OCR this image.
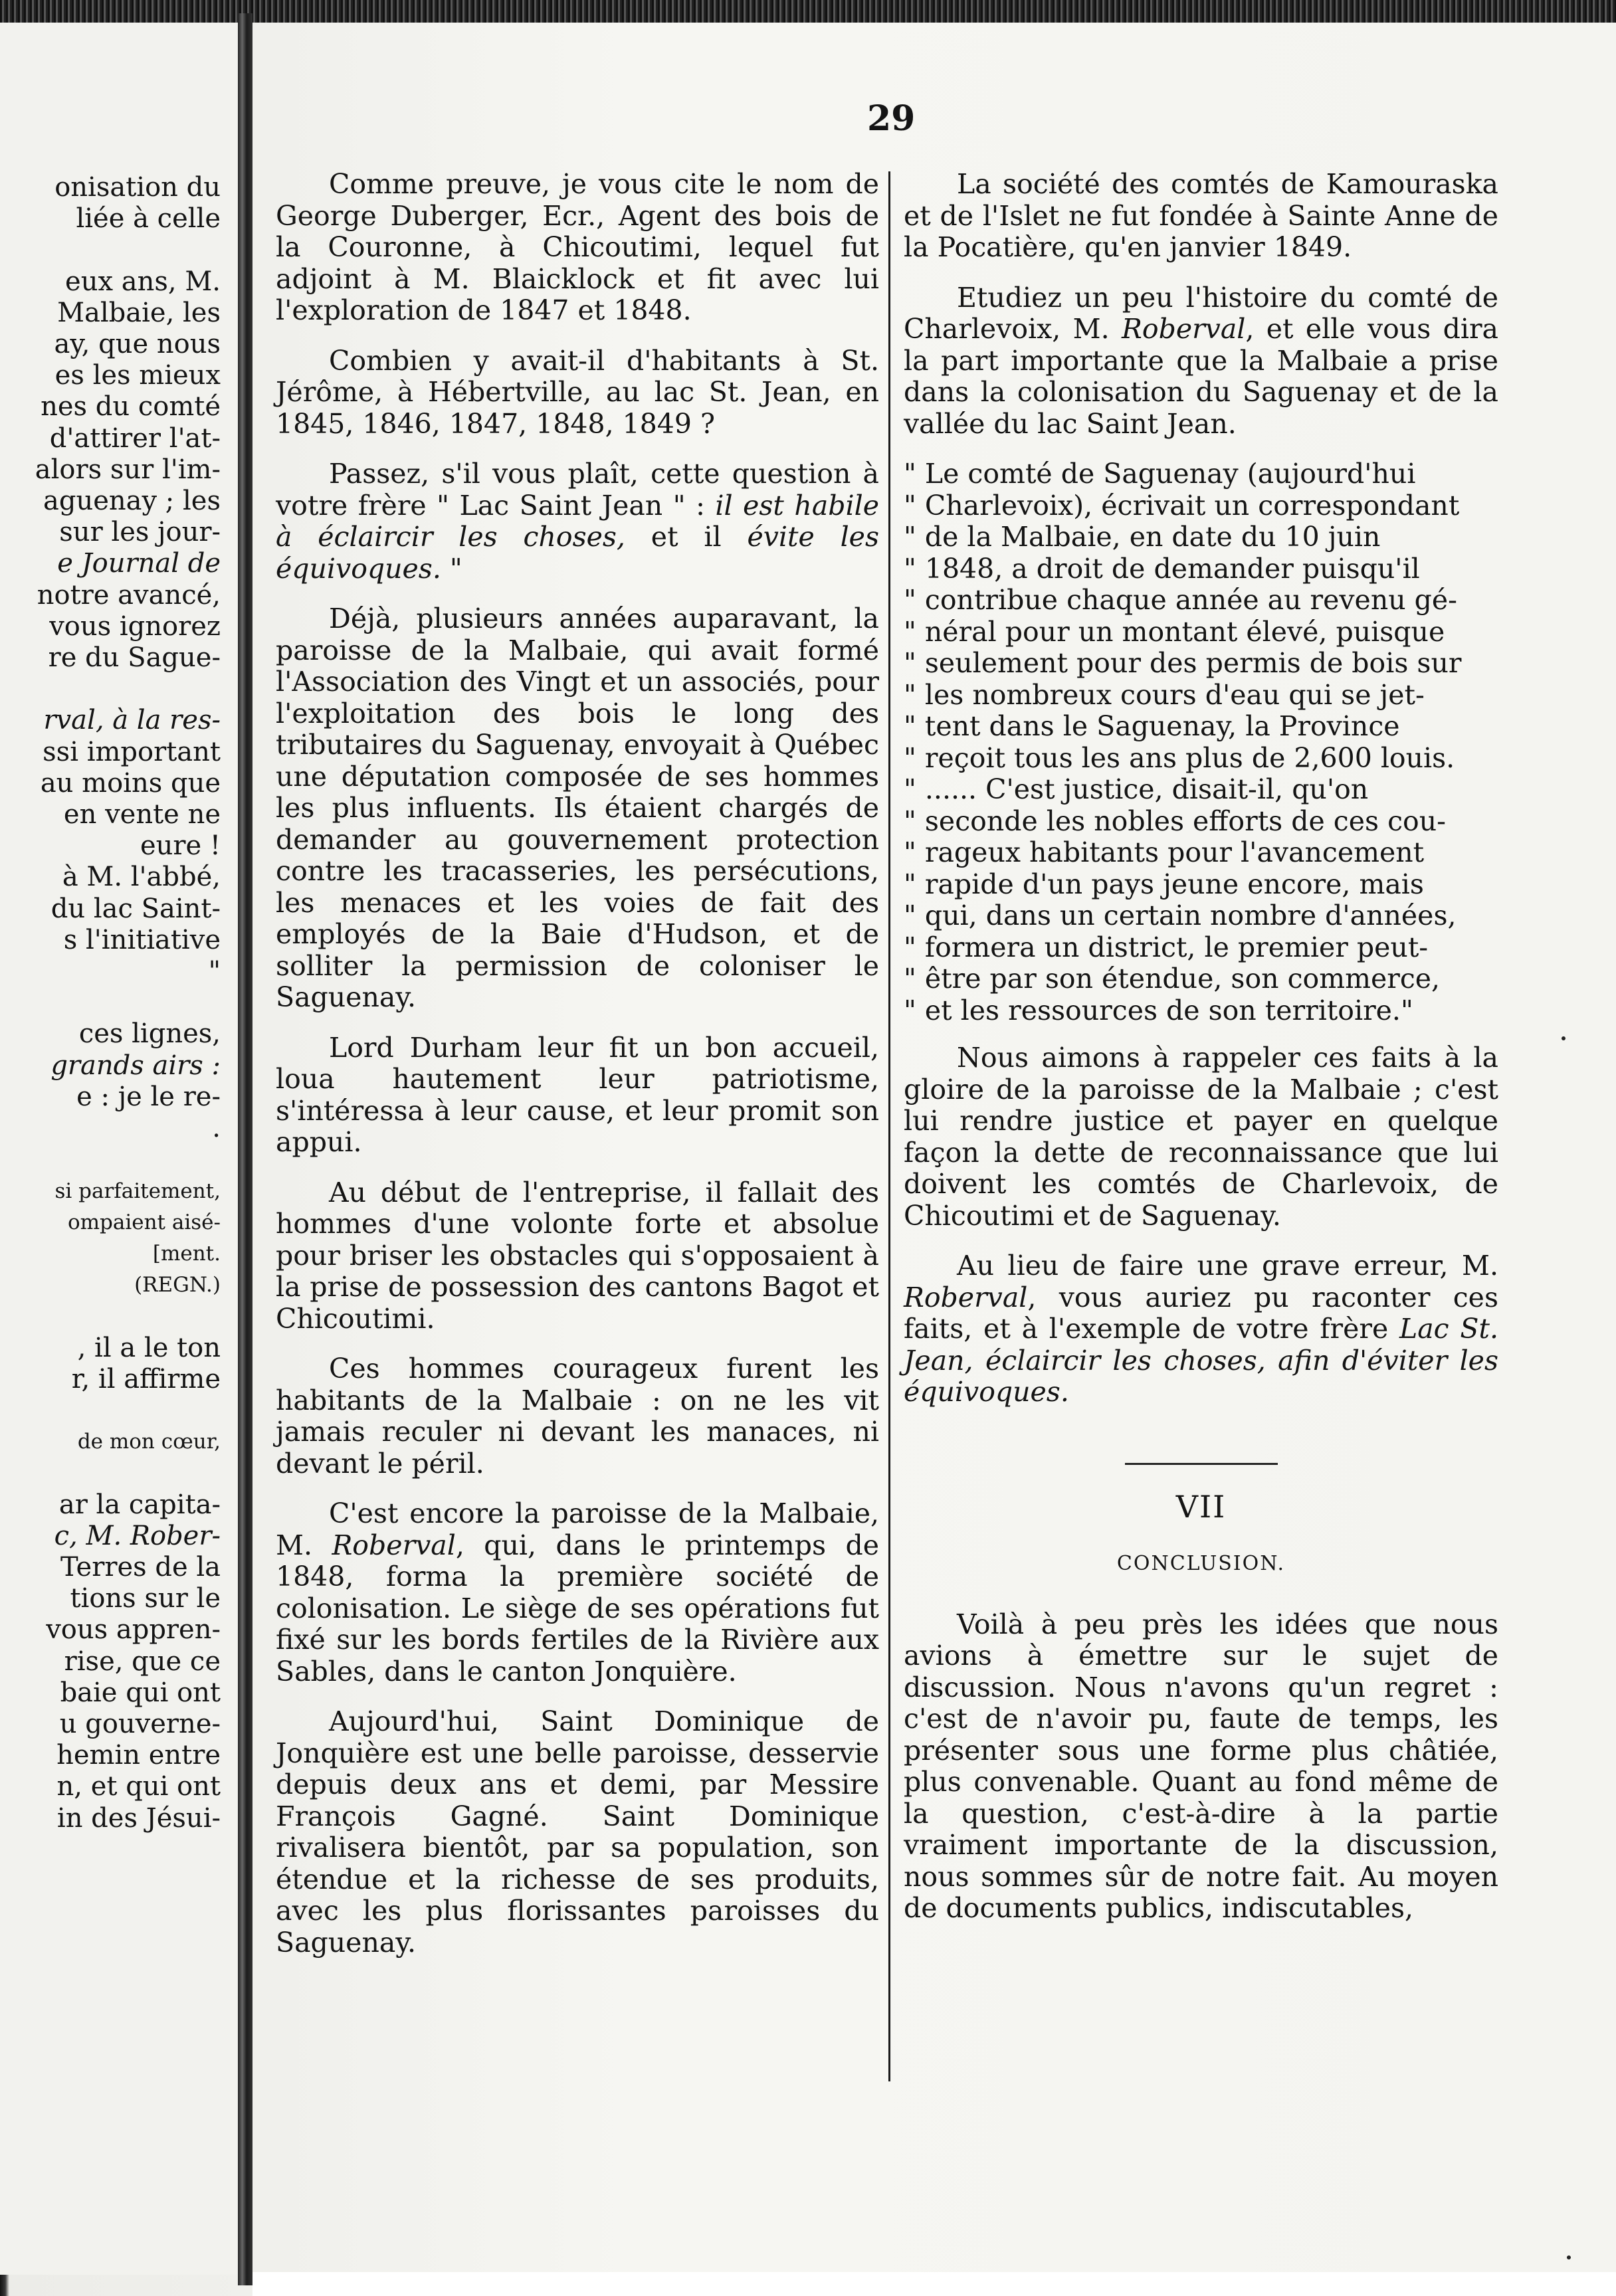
onisation du
liée à celle

eux ans, M.
Malbaie, les
ay, que nous
es les mieux
nes du comté
d'attirer l'at-
alors sur l'im-
aguenay ; les
sur les jour-
e Journal de
notre avancé,
vous ignorez
re du Sague-

rval, à la res-
ssi important
au moins que
en vente ne
eure !
à M. l'abbé,
du lac Saint-
s l'initiative
"

ces lignes,
grands airs :
e : je le re-
.

si parfaitement,
ompaient aisé-
[ment.
(REGN.)

, il a le ton
r, il affirme

de mon cœur,

ar la capita-
c, M. Rober-
Terres de la
tions sur le
vous appren-
rise, que ce
baie qui ont
u gouverne-
hemin entre
n, et qui ont
in des Jésui-
29

Comme preuve, je vous cite le nom de George Duberger, Ecr., Agent des bois de la Couronne, à Chicoutimi, lequel fut adjoint à M. Blaicklock et fit avec lui l'exploration de 1847 et 1848.

Combien y avait-il d'habitants à St. Jérôme, à Hébertville, au lac St. Jean, en 1845, 1846, 1847, 1848, 1849 ?

Passez, s'il vous plaît, cette question à votre frère " Lac Saint Jean " : il est habile à éclaircir les choses, et il évite les équivoques. "

Déjà, plusieurs années auparavant, la paroisse de la Malbaie, qui avait formé l'Association des Vingt et un associés, pour l'exploitation des bois le long des tributaires du Saguenay, envoyait à Québec une députation composée de ses hommes les plus influents. Ils étaient chargés de demander au gouvernement protection contre les tracasseries, les persécutions, les menaces et les voies de fait des employés de la Baie d'Hudson, et de solliter la permission de coloniser le Saguenay.

Lord Durham leur fit un bon accueil, loua hautement leur patriotisme, s'intéressa à leur cause, et leur promit son appui.

Au début de l'entreprise, il fallait des hommes d'une volonte forte et absolue pour briser les obstacles qui s'opposaient à la prise de possession des cantons Bagot et Chicoutimi.

Ces hommes courageux furent les habitants de la Malbaie : on ne les vit jamais reculer ni devant les manaces, ni devant le péril.

C'est encore la paroisse de la Malbaie, M. Roberval, qui, dans le printemps de 1848, forma la première société de colonisation. Le siège de ses opérations fut fixé sur les bords fertiles de la Rivière aux Sables, dans le canton Jonquière.

Aujourd'hui, Saint Dominique de Jonquière est une belle paroisse, desservie depuis deux ans et demi, par Messire François Gagné. Saint Dominique rivalisera bientôt, par sa population, son étendue et la richesse de ses produits, avec les plus florissantes paroisses du Saguenay.

La société des comtés de Kamouraska et de l'Islet ne fut fondée à Sainte Anne de la Pocatière, qu'en janvier 1849.

Etudiez un peu l'histoire du comté de Charlevoix, M. Roberval, et elle vous dira la part importante que la Malbaie a prise dans la colonisation du Saguenay et de la vallée du lac Saint Jean.

" Le comté de Saguenay (aujourd'hui
" Charlevoix), écrivait un correspondant
" de la Malbaie, en date du 10 juin
" 1848, a droit de demander puisqu'il
" contribue chaque année au revenu gé-
" néral pour un montant élevé, puisque
" seulement pour des permis de bois sur
" les nombreux cours d'eau qui se jet-
" tent dans le Saguenay, la Province
" reçoit tous les ans plus de 2,600 louis.
" ...... C'est justice, disait-il, qu'on
" seconde les nobles efforts de ces cou-
" rageux habitants pour l'avancement
" rapide d'un pays jeune encore, mais
" qui, dans un certain nombre d'années,
" formera un district, le premier peut-
" être par son étendue, son commerce,
" et les ressources de son territoire."

Nous aimons à rappeler ces faits à la gloire de la paroisse de la Malbaie ; c'est lui rendre justice et payer en quelque façon la dette de reconnaissance que lui doivent les comtés de Charlevoix, de Chicoutimi et de Saguenay.

Au lieu de faire une grave erreur, M. Roberval, vous auriez pu raconter ces faits, et à l'exemple de votre frère Lac St. Jean, éclaircir les choses, afin d'éviter les équivoques.

VII
CONCLUSION.

Voilà à peu près les idées que nous avions à émettre sur le sujet de discussion. Nous n'avons qu'un regret : c'est de n'avoir pu, faute de temps, les présenter sous une forme plus châtiée, plus convenable. Quant au fond même de la question, c'est-à-dire à la partie vraiment importante de la discussion, nous sommes sûr de notre fait. Au moyen de documents publics, indiscutables,
